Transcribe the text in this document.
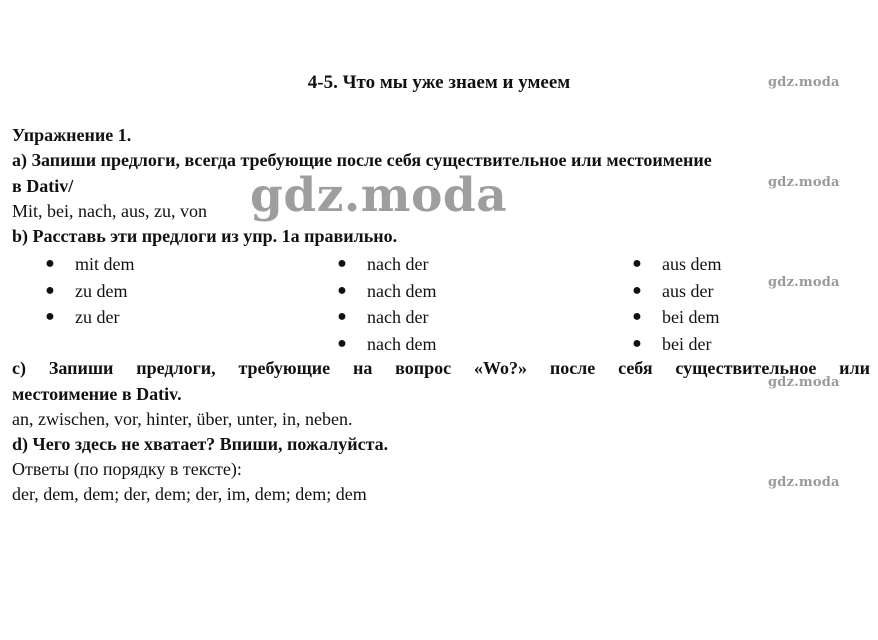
4-5. Что мы уже знаем и умеем
Упражнение 1.
а) Запиши предлоги, всегда требующие после себя существительное или местоимение
в Dativ/
Mit, bei, nach, aus, zu, von
b) Расставь эти предлоги из упр. 1а правильно.
● mit dem
● zu dem
● zu der
● nach der
● nach dem
● nach der
● nach dem
● aus dem
● aus der
● bei dem
● bei der
c) Запиши предлоги, требующие на вопрос «Wo?» после себя существительное или
местоимение в Dativ.
an, zwischen, vor, hinter, über, unter, in, neben.
d) Чего здесь не хватает? Впиши, пожалуйста.
Ответы (по порядку в тексте):
der, dem, dem; der, dem; der, im, dem; dem; dem
gdz.moda
gdz.moda
gdz.moda
gdz.moda
gdz.moda
gdz.moda
